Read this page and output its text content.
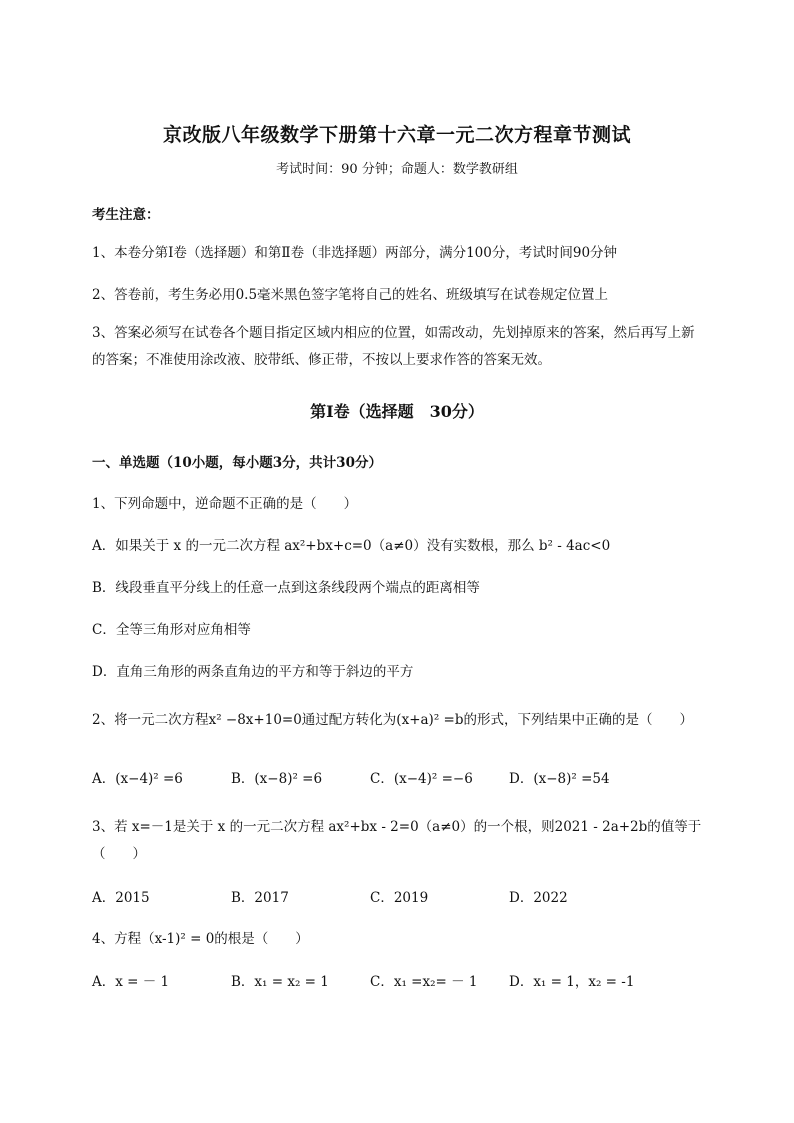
京改版八年级数学下册第十六章一元二次方程章节测试
考试时间：90 分钟；命题人：数学教研组
考生注意：
1、本卷分第Ⅰ卷（选择题）和第Ⅱ卷（非选择题）两部分，满分100分，考试时间90分钟
2、答卷前，考生务必用0.5毫米黑色签字笔将自己的姓名、班级填写在试卷规定位置上
3、答案必须写在试卷各个题目指定区域内相应的位置，如需改动，先划掉原来的答案，然后再写上新的答案；不准使用涂改液、胶带纸、修正带，不按以上要求作答的答案无效。
第Ⅰ卷（选择题　30分）
一、单选题（10小题，每小题3分，共计30分）
1、下列命题中，逆命题不正确的是（　　）
A．如果关于 x 的一元二次方程 ax²+bx+c=0（a≠0）没有实数根，那么 b² - 4ac<0
B．线段垂直平分线上的任意一点到这条线段两个端点的距离相等
C．全等三角形对应角相等
D．直角三角形的两条直角边的平方和等于斜边的平方
2、将一元二次方程x² −8x+10=0通过配方转化为(x+a)² =b的形式，下列结果中正确的是（　　）
A．(x−4)² =6	B．(x−8)² =6	C．(x−4)² =−6	D．(x−8)² =54
3、若 x=－1是关于 x 的一元二次方程 ax²+bx - 2=0（a≠0）的一个根，则2021 - 2a+2b的值等于（　　）
A．2015	B．2017	C．2019	D．2022
4、方程（x-1)² = 0的根是（　　）
A．x = － 1	B．x₁ = x₂ = 1	C．x₁ =x₂= － 1 D．x₁ = 1，x₂ = -1
